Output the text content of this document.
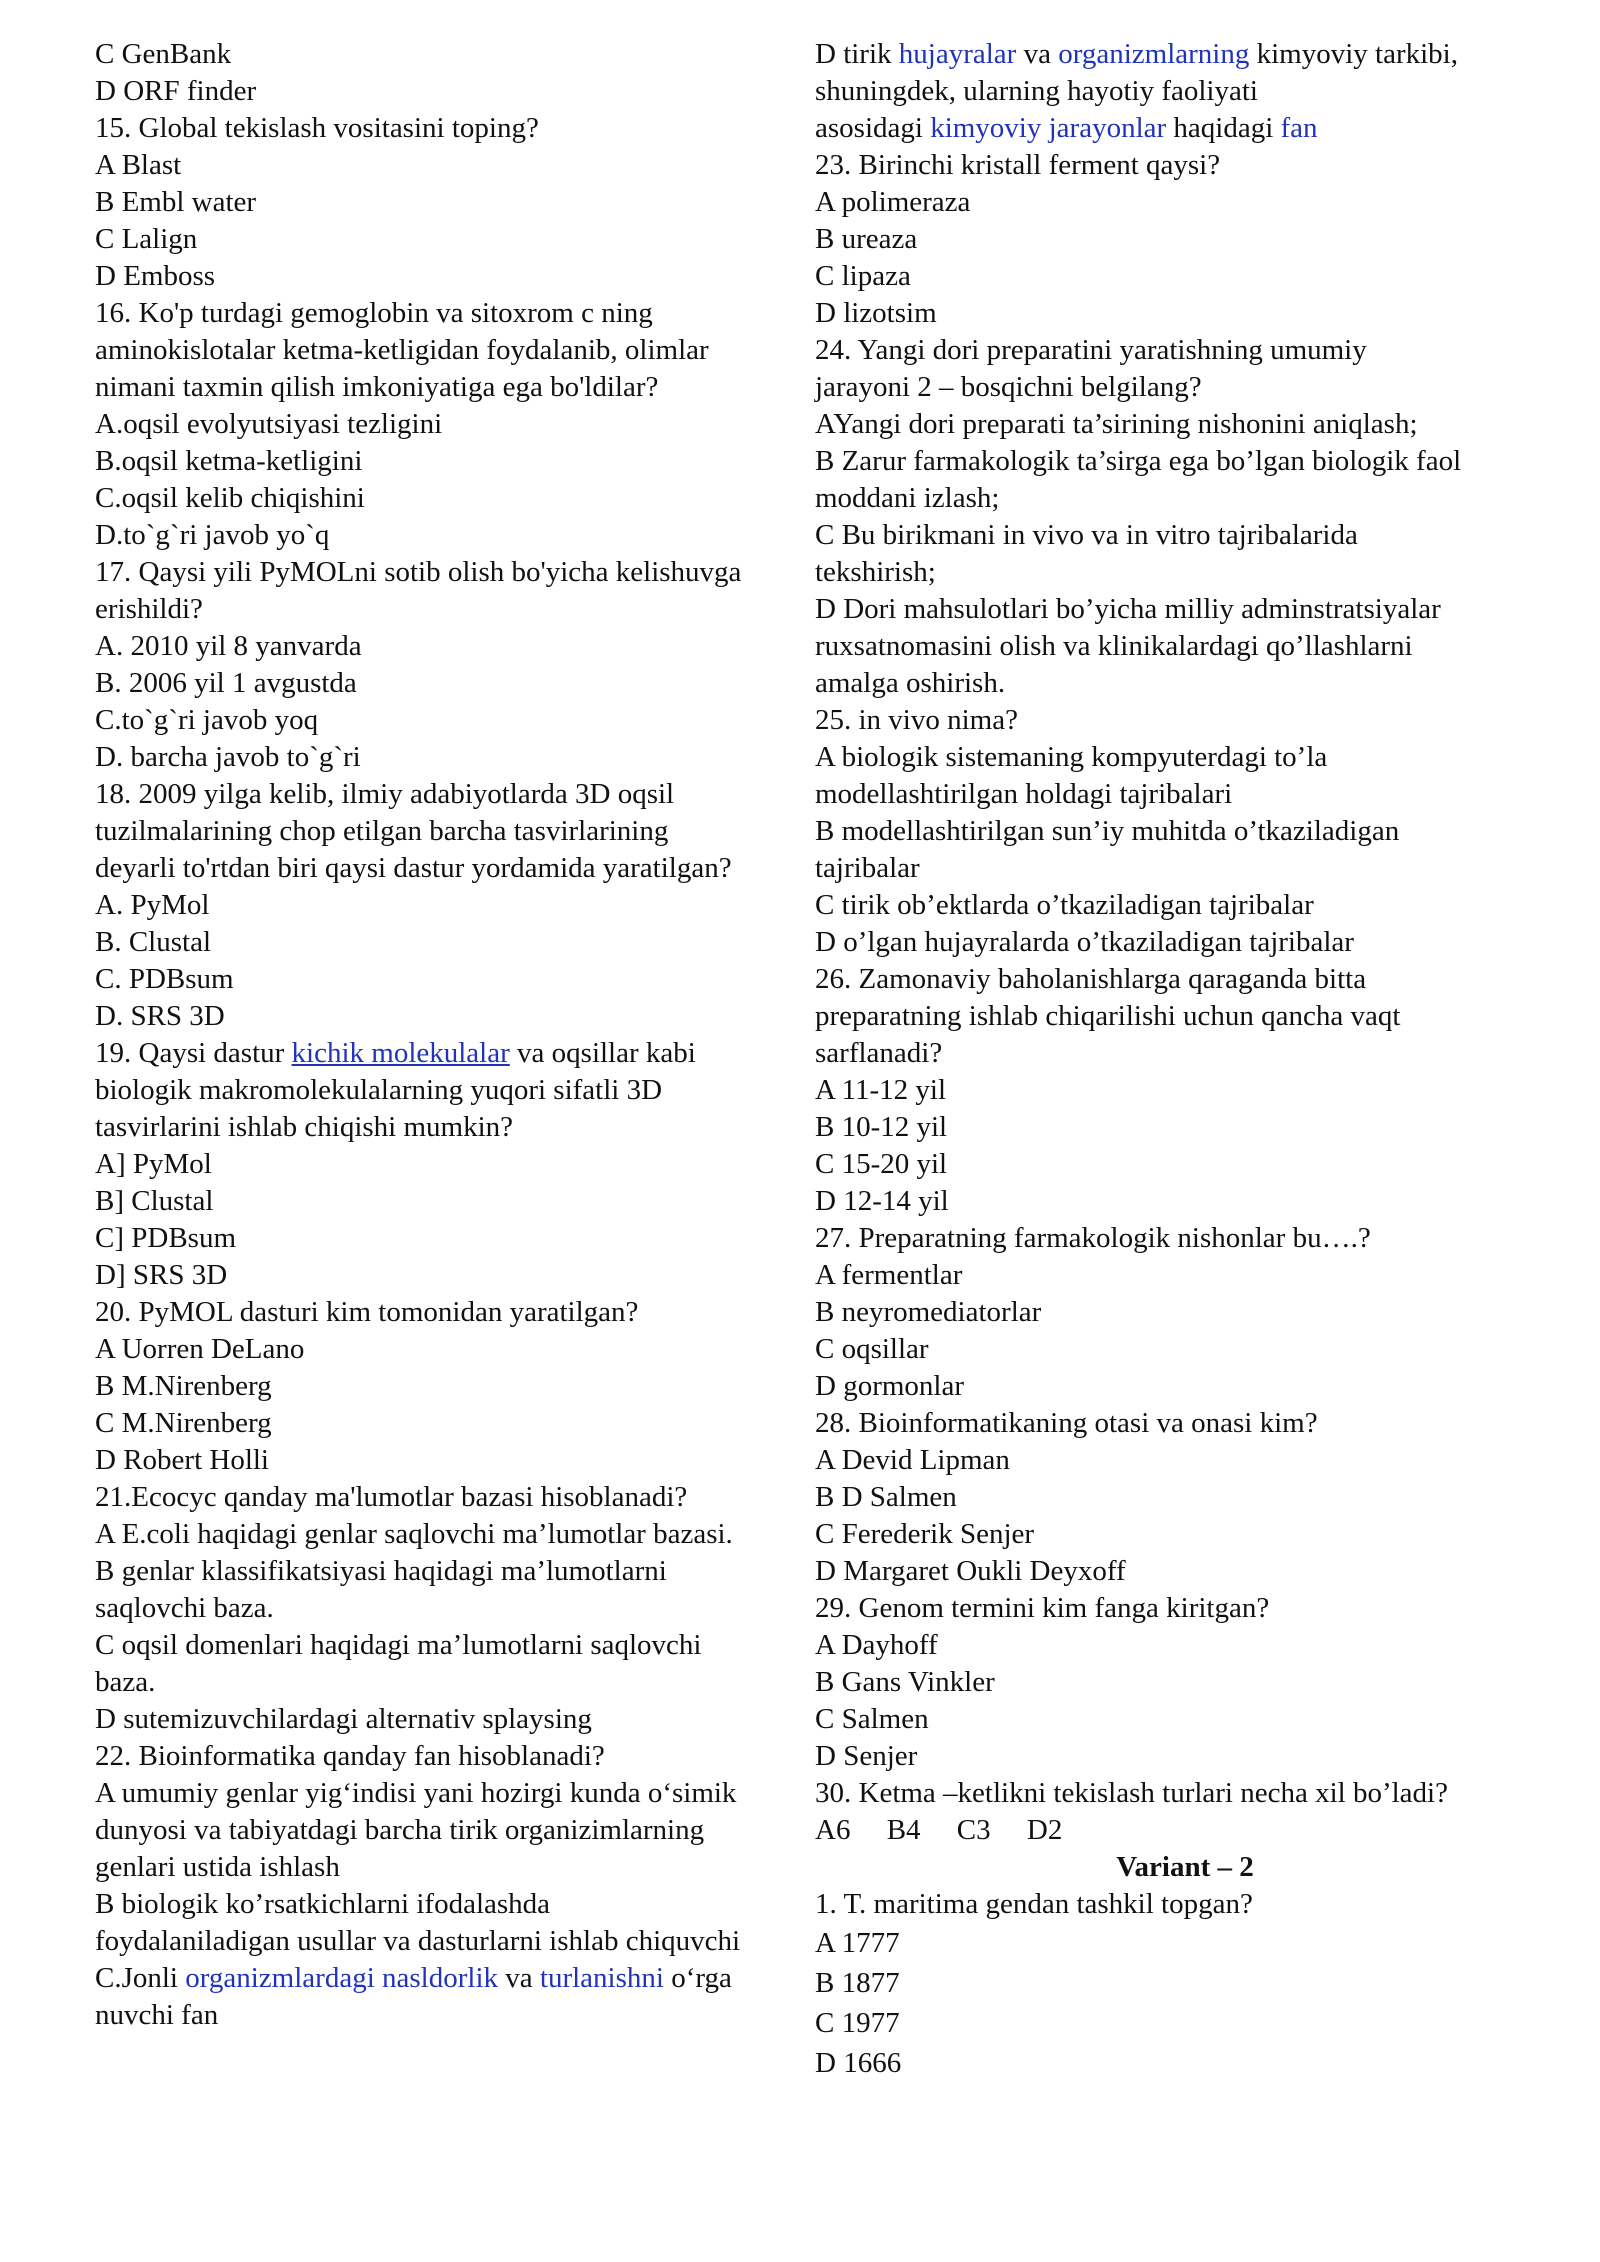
C GenBank
D ORF finder
15. Global tekislash vositasini toping?
A Blast
B Embl water
C Lalign
D Emboss
16. Ko'p turdagi gemoglobin va sitoxrom c ning
aminokislotalar ketma-ketligidan foydalanib, olimlar
nimani taxmin qilish imkoniyatiga ega bo'ldilar?
A.oqsil evolyutsiyasi tezligini
B.oqsil ketma-ketligini
C.oqsil kelib chiqishini
D.to`g`ri javob yo`q
17. Qaysi yili PyMOLni sotib olish bo'yicha kelishuvga
erishildi?
A. 2010 yil 8 yanvarda
B. 2006 yil 1 avgustda
C.to`g`ri javob yoq
D. barcha javob to`g`ri
18. 2009 yilga kelib, ilmiy adabiyotlarda 3D oqsil
tuzilmalarining chop etilgan barcha tasvirlarining
deyarli to'rtdan biri qaysi dastur yordamida yaratilgan?
A. PyMol
B. Clustal
C. PDBsum
D. SRS 3D
19. Qaysi dastur kichik molekulalar va oqsillar kabi
biologik makromolekulalarning yuqori sifatli 3D
tasvirlarini ishlab chiqishi mumkin?
A] PyMol
B] Clustal
C] PDBsum
D] SRS 3D
20. PyMOL dasturi kim tomonidan yaratilgan?
A Uorren DeLano
B M.Nirenberg
C M.Nirenberg
D Robert Holli
21.Ecocyc qanday ma'lumotlar bazasi hisoblanadi?
A E.coli haqidagi genlar saqlovchi ma’lumotlar bazasi.
B genlar klassifikatsiyasi haqidagi ma’lumotlarni
saqlovchi baza.
C oqsil domenlari haqidagi ma’lumotlarni saqlovchi
baza.
D sutemizuvchilardagi alternativ splaysing
22. Bioinformatika qanday fan hisoblanadi?
A umumiy genlar yig‘indisi yani hozirgi kunda o‘simik
dunyosi va tabiyatdagi barcha tirik organizimlarning
genlari ustida ishlash
B biologik ko’rsatkichlarni ifodalashda
foydalaniladigan usullar va dasturlarni ishlab chiquvchi
C.Jonli organizmlardagi nasldorlik va turlanishni o‘rga
nuvchi fan
D tirik hujayralar va organizmlarning kimyoviy tarkibi,
shuningdek, ularning hayotiy faoliyati
asosidagi kimyoviy jarayonlar haqidagi fan
23. Birinchi kristall ferment qaysi?
A polimeraza
B ureaza
C lipaza
D lizotsim
24. Yangi dori preparatini yaratishning umumiy
jarayoni 2 – bosqichni belgilang?
AYangi dori preparati ta’sirining nishonini aniqlash;
B Zarur farmakologik ta’sirga ega bo’lgan biologik faol
moddani izlash;
C Bu birikmani in vivo va in vitro tajribalarida
tekshirish;
D Dori mahsulotlari bo’yicha milliy adminstratsiyalar
ruxsatnomasini olish va klinikalardagi qo’llashlarni
amalga oshirish.
25. in vivo nima?
A biologik sistemaning kompyuterdagi to’la
modellashtirilgan holdagi tajribalari
B modellashtirilgan sun’iy muhitda o’tkaziladigan
tajribalar
C tirik ob’ektlarda o’tkaziladigan tajribalar
D o’lgan hujayralarda o’tkaziladigan tajribalar
26. Zamonaviy baholanishlarga qaraganda bitta
preparatning ishlab chiqarilishi uchun qancha vaqt
sarflanadi?
A 11-12 yil
B 10-12 yil
C 15-20 yil
D 12-14 yil
27. Preparatning farmakologik nishonlar bu….?
A fermentlar
B neyromediatorlar
C oqsillar
D gormonlar
28. Bioinformatikaning otasi va onasi kim?
A Devid Lipman
B D Salmen
C Ferederik Senjer
D Margaret Oukli Deyxoff
29. Genom termini kim fanga kiritgan?
A Dayhoff
B Gans Vinkler
C Salmen
D Senjer
30. Ketma –ketlikni tekislash turlari necha xil bo’ladi?
A6     B4     C3     D2
Variant – 2
1. T. maritima gendan tashkil topgan?
A 1777
B 1877
C 1977
D 1666
